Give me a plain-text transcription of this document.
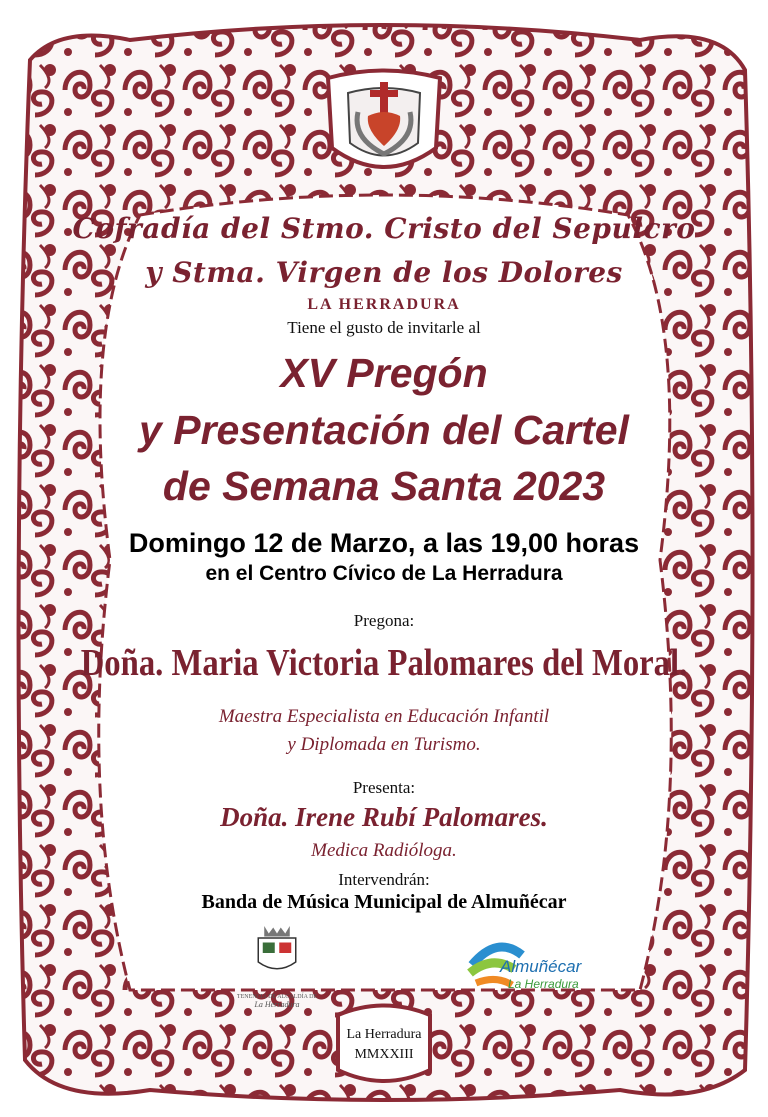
Cofradía del Stmo. Cristo del Sepulcro
y Stma. Virgen de los Dolores
LA HERRADURA
Tiene el gusto de invitarle al
XV Pregón
y Presentación del Cartel
de Semana Santa 2023
Domingo 12 de Marzo, a las 19,00 horas
en el Centro Cívico de La Herradura
Pregona:
Doña. Maria Victoria Palomares del Moral.
Maestra Especialista en Educación Infantil
y Diplomada en Turismo.
Presenta:
Doña. Irene Rubí Palomares.
Medica Radióloga.
Intervendrán:
Banda de Música Municipal de Almuñécar
TENENCIA DE ALCALDÍA DE
La Herradura
Almuñécar
La Herradura
La Herradura
MMXXIII
